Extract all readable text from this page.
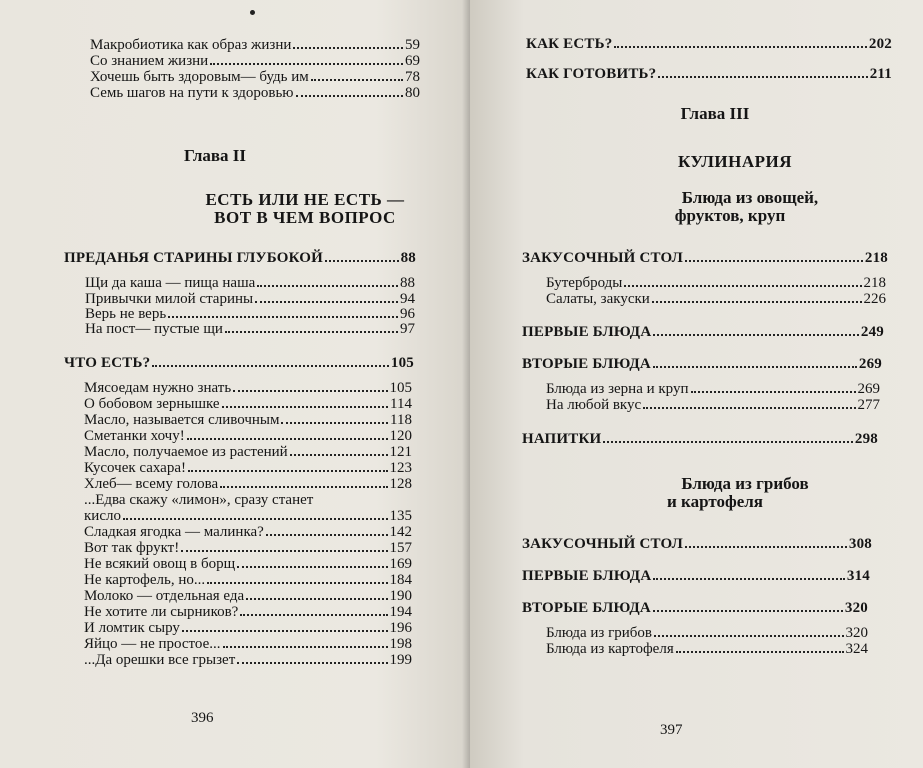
Макробиотика как образ жизни	59
Со знанием жизни	69
Хочешь быть здоровым— будь им	78
Семь шагов на пути к здоровью	80
Глава II
ЕСТЬ ИЛИ НЕ ЕСТЬ —
ВОТ В ЧЕМ ВОПРОС
ПРЕДАНЬЯ СТАРИНЫ ГЛУБОКОЙ	88
Щи да каша — пища наша	88
Привычки милой старины	94
Верь не верь	96
На пост— пустые щи	97
ЧТО ЕСТЬ?	105
Мясоедам нужно знать	105
О бобовом зернышке	114
Масло, называется сливочным	118
Сметанки хочу!	120
Масло, получаемое из растений	121
Кусочек сахара!	123
Хлеб— всему голова	128
...Едва скажу «лимон», сразу станет
кисло	135
Сладкая ягодка — малинка?	142
Вот так фрукт!	157
Не всякий овощ в борщ	169
Не картофель, но...	184
Молоко — отдельная еда	190
Не хотите ли сырников?	194
И ломтик сыру	196
Яйцо — не простое...	198
...Да орешки все грызет	199
396
КАК ЕСТЬ?	202
КАК ГОТОВИТЬ?	211
Глава III
КУЛИНАРИЯ
Блюда из овощей,
фруктов, круп
ЗАКУСОЧНЫЙ СТОЛ	218
Бутерброды	218
Салаты, закуски	226
ПЕРВЫЕ БЛЮДА	249
ВТОРЫЕ БЛЮДА	269
Блюда из зерна и круп	269
На любой вкус	277
НАПИТКИ	298
Блюда из грибов
и картофеля
ЗАКУСОЧНЫЙ СТОЛ	308
ПЕРВЫЕ БЛЮДА	314
ВТОРЫЕ БЛЮДА	320
Блюда из грибов	320
Блюда из картофеля	324
397
